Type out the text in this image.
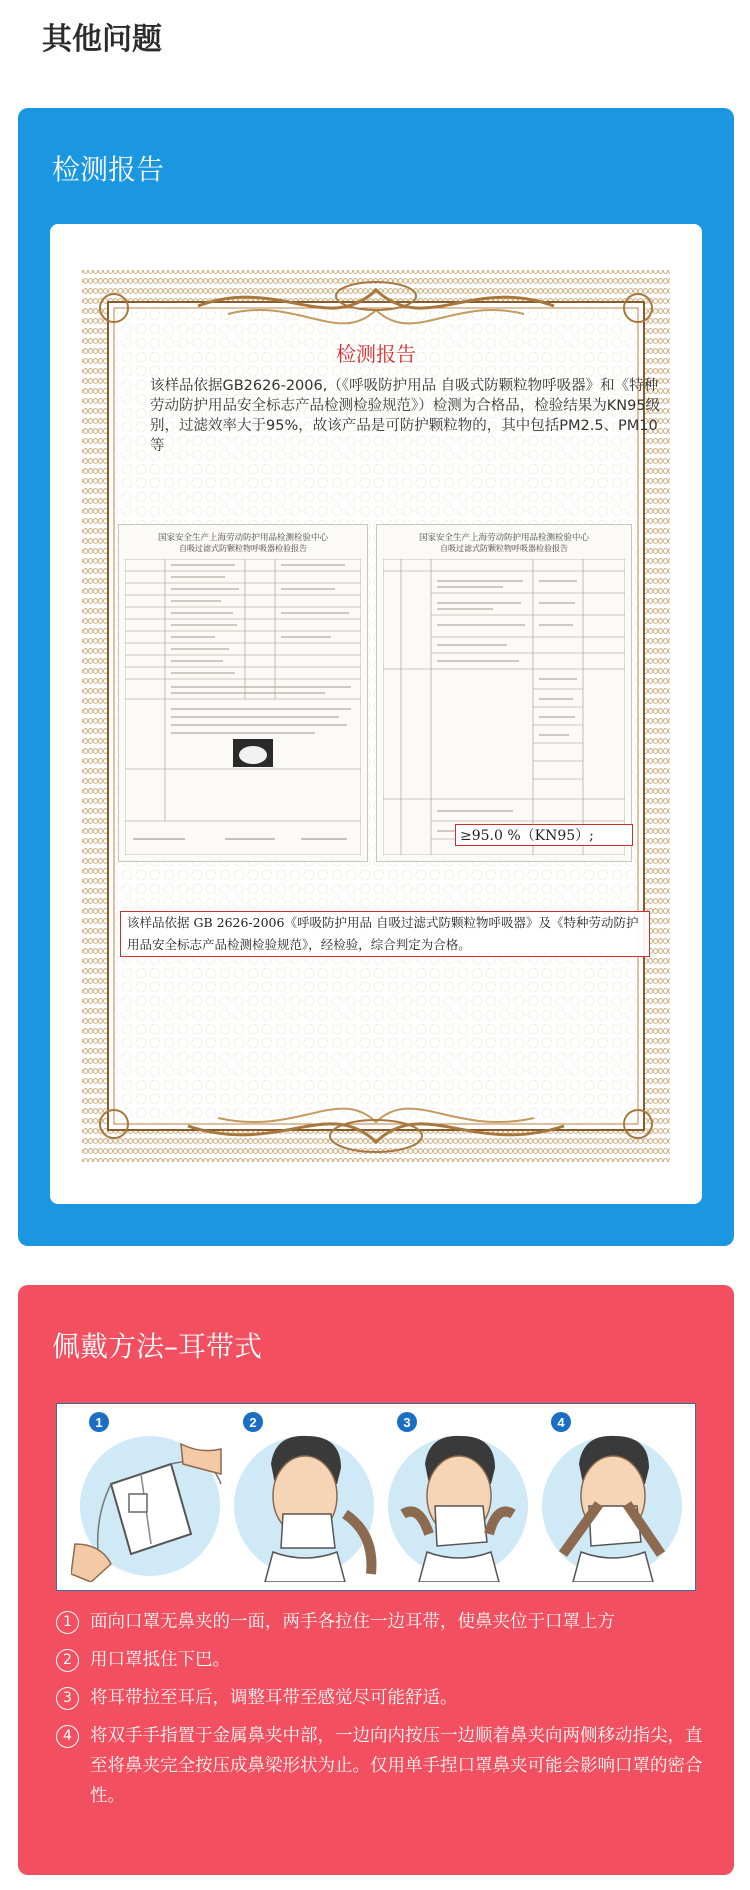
其他问题
检测报告
检测报告
该样品依据GB2626-2006,（《呼吸防护用品 自吸式防颗粒物呼吸器》和《特种劳动防护用品安全标志产品检测检验规范》）检测为合格品，检验结果为KN95级别，过滤效率大于95%，故该产品是可防护颗粒物的，其中包括PM2.5、PM10等
国家安全生产上海劳动防护用品检测检验中心
自吸过滤式防颗粒物呼吸器检验报告
国家安全生产上海劳动防护用品检测检验中心
自吸过滤式防颗粒物呼吸器检验报告
≥95.0 %（KN95）;
该样品依据 GB 2626-2006《呼吸防护用品 自吸过滤式防颗粒物呼吸器》及《特种劳动防护用品安全标志产品检测检验规范》，经检验，综合判定为合格。
佩戴方法–耳带式
1	2	3	4
1	面向口罩无鼻夹的一面，两手各拉住一边耳带，使鼻夹位于口罩上方
2	用口罩抵住下巴。
3	将耳带拉至耳后，调整耳带至感觉尽可能舒适。
4	将双手手指置于金属鼻夹中部，一边向内按压一边顺着鼻夹向两侧移动指尖，直至将鼻夹完全按压成鼻梁形状为止。仅用单手捏口罩鼻夹可能会影响口罩的密合性。
